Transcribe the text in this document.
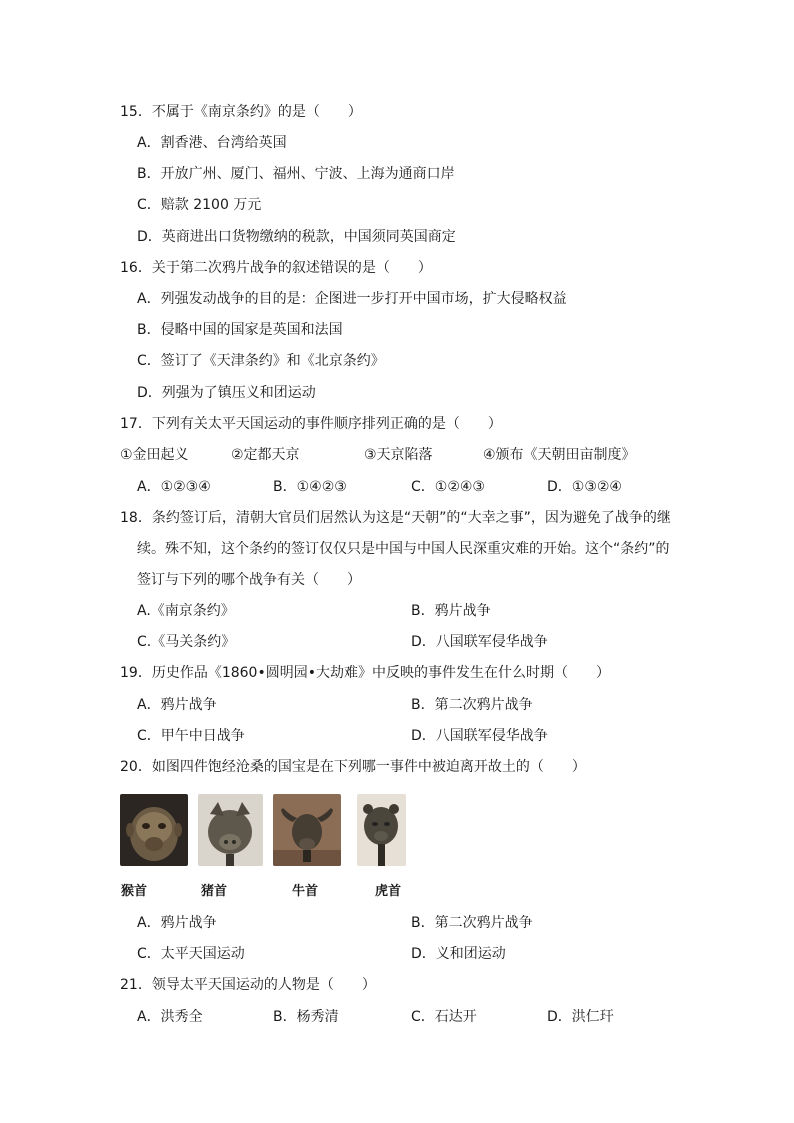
15．不属于《南京条约》的是（　　）
A．割香港、台湾给英国
B．开放广州、厦门、福州、宁波、上海为通商口岸
C．赔款 2100 万元
D．英商进出口货物缴纳的税款，中国须同英国商定
16．关于第二次鸦片战争的叙述错误的是（　　）
A．列强发动战争的目的是：企图进一步打开中国市场，扩大侵略权益
B．侵略中国的国家是英国和法国
C．签订了《天津条约》和《北京条约》
D．列强为了镇压义和团运动
17．下列有关太平天国运动的事件顺序排列正确的是（　　）
①金田起义	②定都天京	③天京陷落	④颁布《天朝田亩制度》
A．①②③④	B．①④②③	C．①②④③	D．①③②④
18．条约签订后，清朝大官员们居然认为这是“天朝”的“大幸之事”，因为避免了战争的继
续。殊不知，这个条约的签订仅仅只是中国与中国人民深重灾难的开始。这个“条约”的
签订与下列的哪个战争有关（　　）
A.《南京条约》	B．鸦片战争
C.《马关条约》	D．八国联军侵华战争
19．历史作品《1860•圆明园•大劫难》中反映的事件发生在什么时期（　　）
A．鸦片战争	B．第二次鸦片战争
C．甲午中日战争	D．八国联军侵华战争
20．如图四件饱经沧桑的国宝是在下列哪一事件中被迫离开故土的（　　）
猴首	猪首	牛首	虎首
A．鸦片战争	B．第二次鸦片战争
C．太平天国运动	D．义和团运动
21．领导太平天国运动的人物是（　　）
A．洪秀全	B．杨秀清	C．石达开	D．洪仁玕
